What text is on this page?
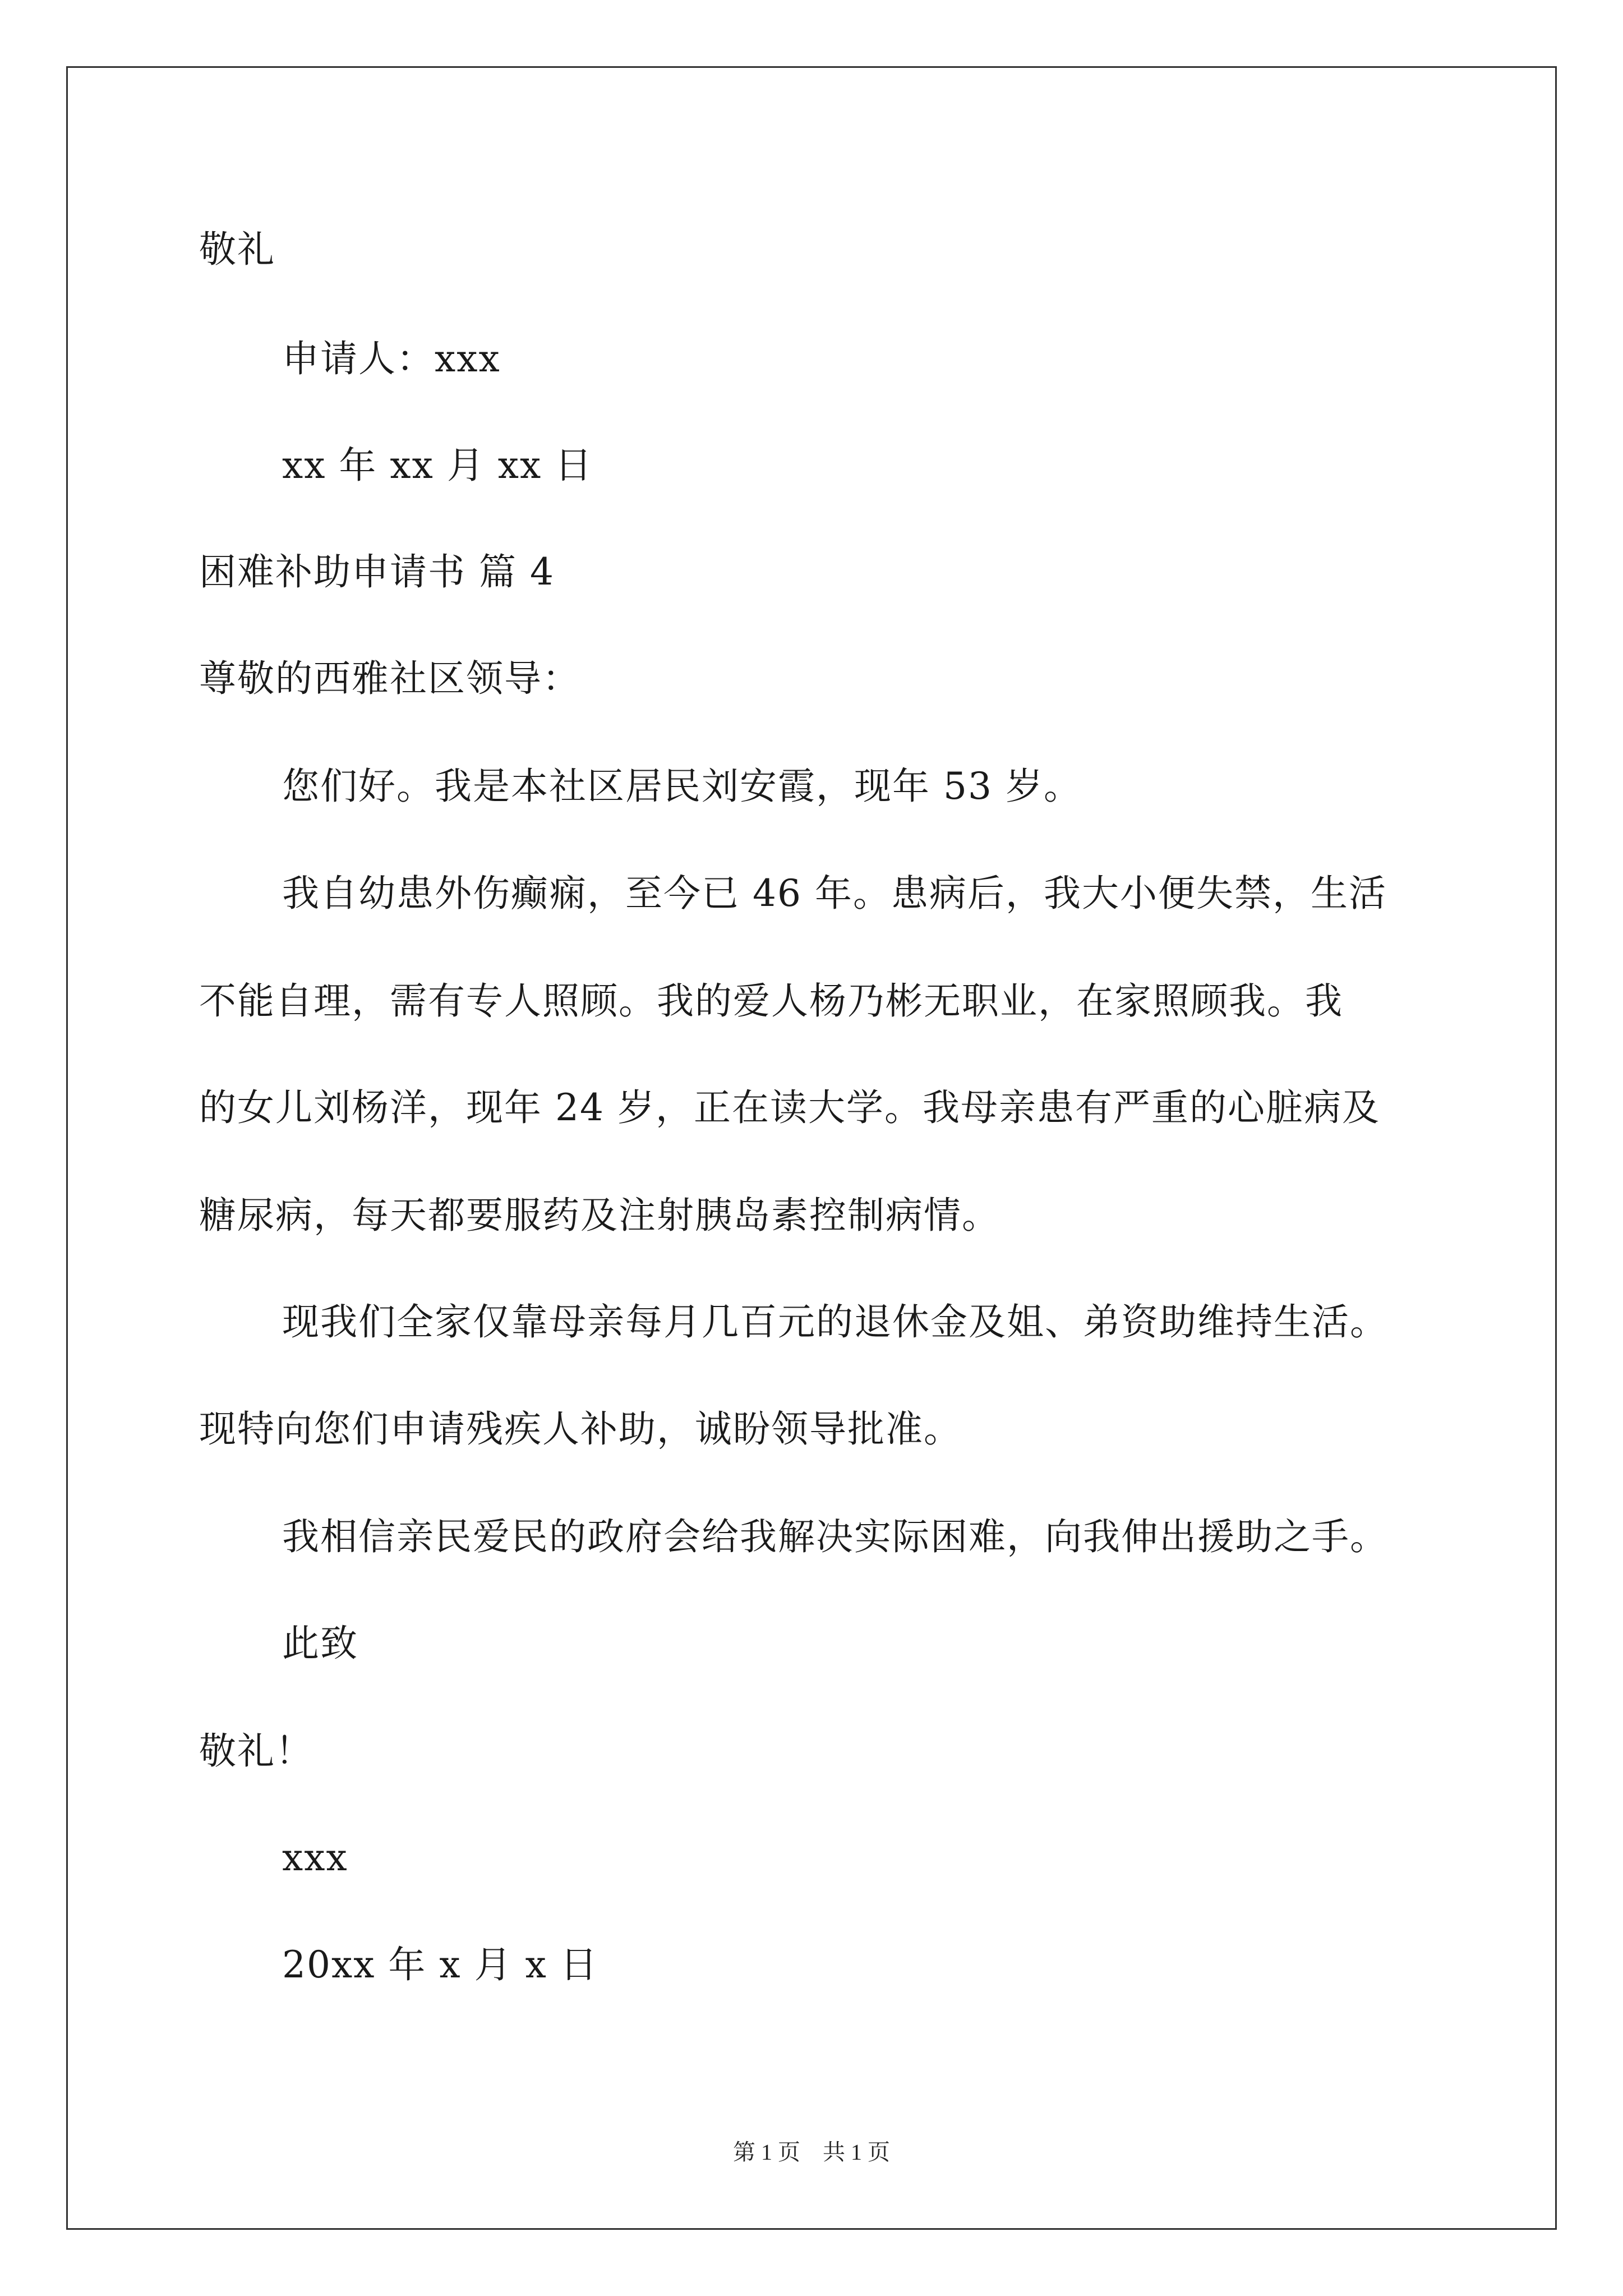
敬礼
申请人：xxx
xx 年 xx 月 xx 日
困难补助申请书 篇 4
尊敬的西雅社区领导：
您们好。我是本社区居民刘安霞，现年 53 岁。
我自幼患外伤癫痫，至今已 46 年。患病后，我大小便失禁，生活
不能自理，需有专人照顾。我的爱人杨乃彬无职业，在家照顾我。我
的女儿刘杨洋，现年 24 岁，正在读大学。我母亲患有严重的心脏病及
糖尿病，每天都要服药及注射胰岛素控制病情。
现我们全家仅靠母亲每月几百元的退休金及姐、弟资助维持生活。
现特向您们申请残疾人补助，诚盼领导批准。
我相信亲民爱民的政府会给我解决实际困难，向我伸出援助之手。
此致
敬礼！
xxx
20xx 年 x 月 x 日
第 1 页　共 1 页
